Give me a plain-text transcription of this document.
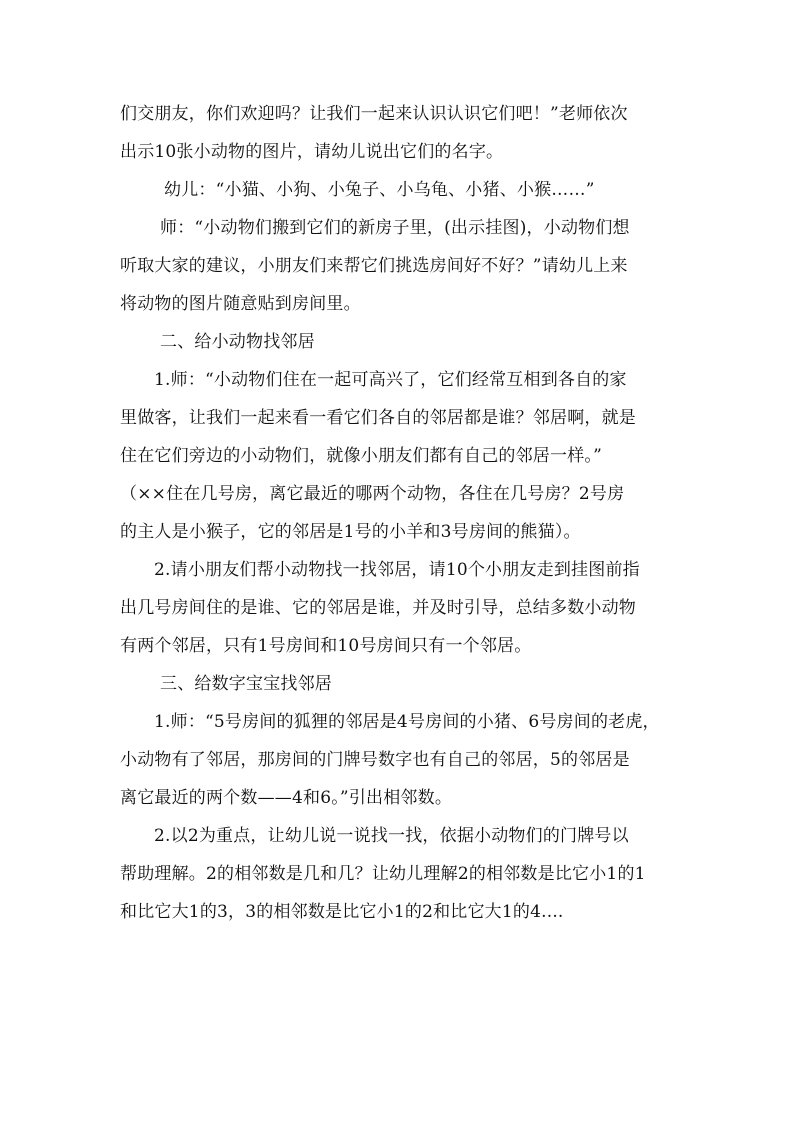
们交朋友，你们欢迎吗？让我们一起来认识认识它们吧！”老师依次
出示10张小动物的图片，请幼儿说出它们的名字。
幼儿：“小猫、小狗、小兔子、小乌龟、小猪、小猴……”
师：“小动物们搬到它们的新房子里，(出示挂图)，小动物们想
听取大家的建议，小朋友们来帮它们挑选房间好不好？”请幼儿上来
将动物的图片随意贴到房间里。
二、给小动物找邻居
1.师：“小动物们住在一起可高兴了，它们经常互相到各自的家
里做客，让我们一起来看一看它们各自的邻居都是谁？邻居啊，就是
住在它们旁边的小动物们，就像小朋友们都有自己的邻居一样。”
（××住在几号房，离它最近的哪两个动物，各住在几号房？2号房
的主人是小猴子，它的邻居是1号的小羊和3号房间的熊猫）。
2.请小朋友们帮小动物找一找邻居，请10个小朋友走到挂图前指
出几号房间住的是谁、它的邻居是谁，并及时引导，总结多数小动物
有两个邻居，只有1号房间和10号房间只有一个邻居。
三、给数字宝宝找邻居
1.师：“5号房间的狐狸的邻居是4号房间的小猪、6号房间的老虎，
小动物有了邻居，那房间的门牌号数字也有自己的邻居，5的邻居是
离它最近的两个数——4和6。”引出相邻数。
2.以2为重点，让幼儿说一说找一找，依据小动物们的门牌号以
帮助理解。2的相邻数是几和几？让幼儿理解2的相邻数是比它小1的1
和比它大1的3，3的相邻数是比它小1的2和比它大1的4....
